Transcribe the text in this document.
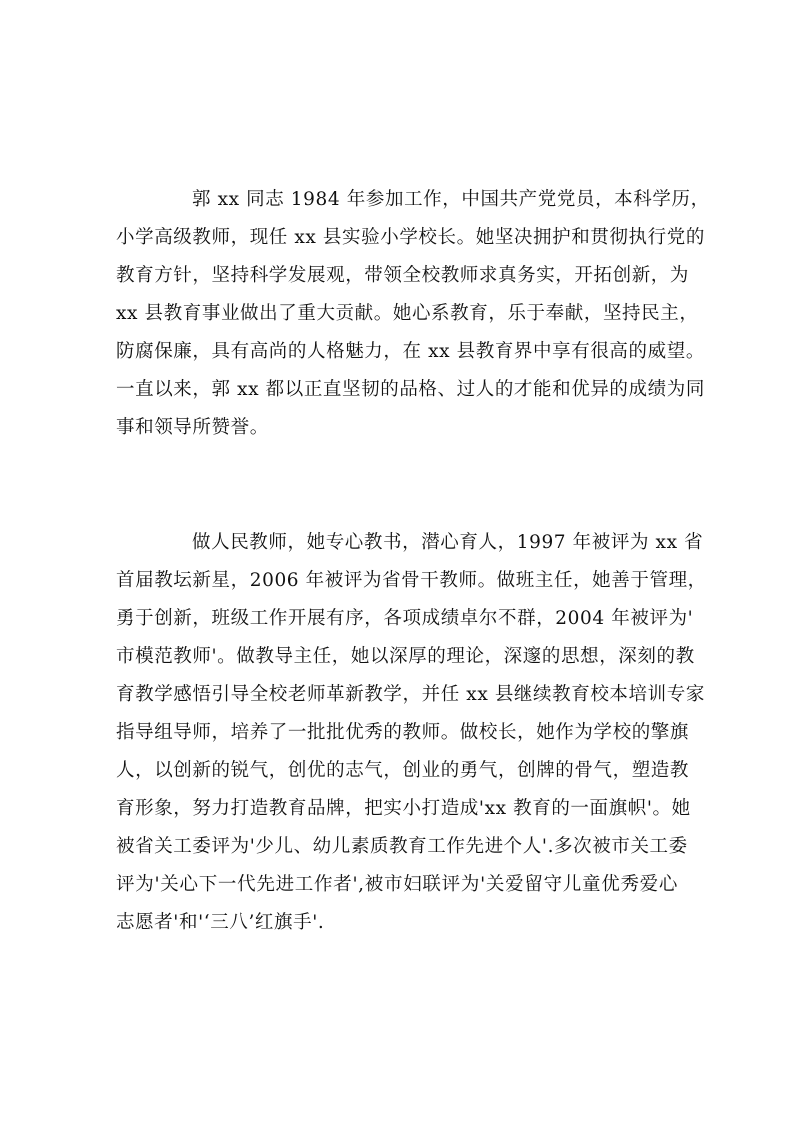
郭 xx 同志 1984 年参加工作，中国共产党党员，本科学历，
小学高级教师，现任 xx 县实验小学校长。她坚决拥护和贯彻执行党的
教育方针，坚持科学发展观，带领全校教师求真务实，开拓创新，为
xx 县教育事业做出了重大贡献。她心系教育，乐于奉献，坚持民主，
防腐保廉，具有高尚的人格魅力，在 xx 县教育界中享有很高的威望。
一直以来，郭 xx 都以正直坚韧的品格、过人的才能和优异的成绩为同
事和领导所赞誉。
做人民教师，她专心教书，潜心育人，1997 年被评为 xx 省
首届教坛新星，2006 年被评为省骨干教师。做班主任，她善于管理，
勇于创新，班级工作开展有序，各项成绩卓尔不群，2004 年被评为'
市模范教师'。做教导主任，她以深厚的理论，深邃的思想，深刻的教
育教学感悟引导全校老师革新教学，并任 xx 县继续教育校本培训专家
指导组导师，培养了一批批优秀的教师。做校长，她作为学校的擎旗
人，以创新的锐气，创优的志气，创业的勇气，创牌的骨气，塑造教
育形象，努力打造教育品牌，把实小打造成'xx 教育的一面旗帜'。她
被省关工委评为'少儿、幼儿素质教育工作先进个人'.多次被市关工委
评为'关心下一代先进工作者',被市妇联评为'关爱留守儿童优秀爱心
志愿者'和'‘三八’红旗手'.
